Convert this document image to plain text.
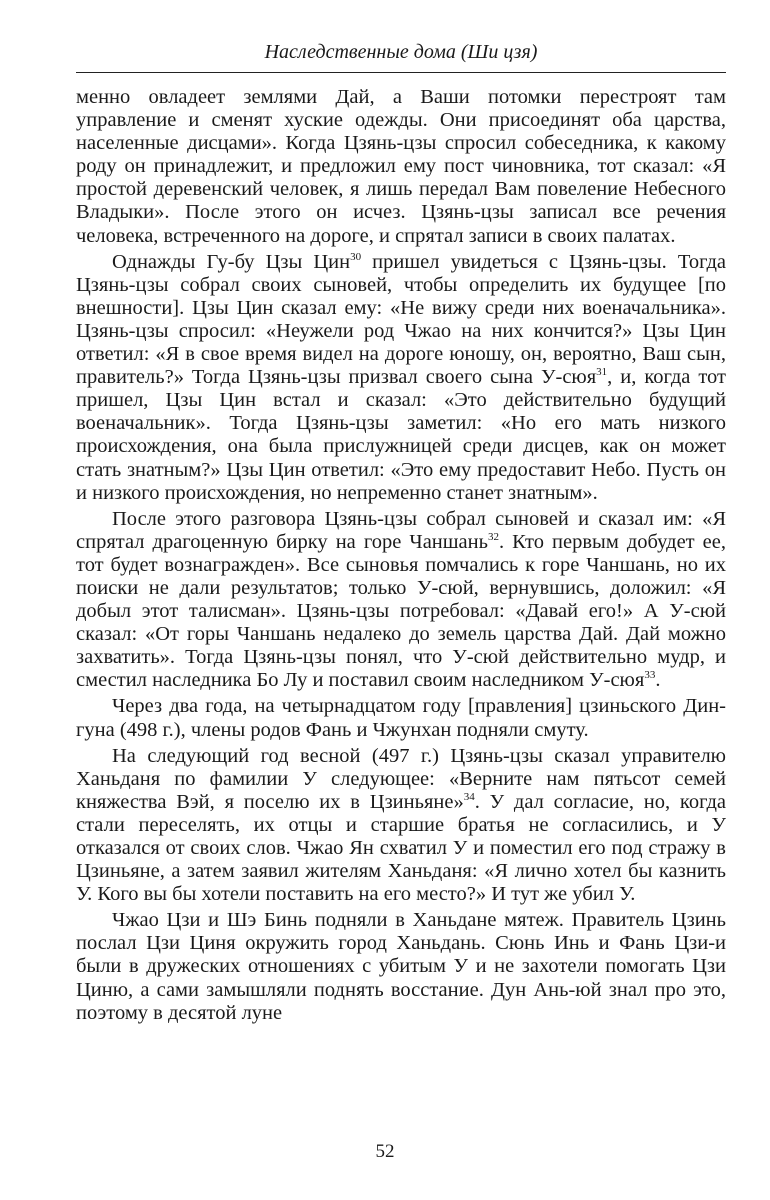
Наследственные дома (Ши цзя)

менно овладеет землями Дай, а Ваши потомки перестроят там управление и сменят хуские одежды. Они присоединят оба царства, населенные дисцами». Когда Цзянь-цзы спросил собеседника, к какому роду он принадлежит, и предложил ему пост чиновника, тот сказал: «Я простой деревенский человек, я лишь передал Вам повеление Небесного Владыки». После этого он исчез. Цзянь-цзы записал все речения человека, встреченного на дороге, и спрятал записи в своих палатах.

Однажды Гу-бу Цзы Цин$^{30}$ пришел увидеться с Цзянь-цзы. Тогда Цзянь-цзы собрал своих сыновей, чтобы определить их будущее [по внешности]. Цзы Цин сказал ему: «Не вижу среди них военачальника». Цзянь-цзы спросил: «Неужели род Чжао на них кончится?» Цзы Цин ответил: «Я в свое время видел на дороге юношу, он, вероятно, Ваш сын, правитель?» Тогда Цзянь-цзы призвал своего сына У-сюя$^{31}$, и, когда тот пришел, Цзы Цин встал и сказал: «Это действительно будущий военачальник». Тогда Цзянь-цзы заметил: «Но его мать низкого происхождения, она была прислужницей среди дисцев, как он может стать знатным?» Цзы Цин ответил: «Это ему предоставит Небо. Пусть он и низкого происхождения, но непременно станет знатным».

После этого разговора Цзянь-цзы собрал сыновей и сказал им: «Я спрятал драгоценную бирку на горе Чаншань$^{32}$. Кто первым добудет ее, тот будет вознагражден». Все сыновья помчались к горе Чаншань, но их поиски не дали результатов; только У-сюй, вернувшись, доложил: «Я добыл этот талисман». Цзянь-цзы потребовал: «Давай его!» А У-сюй сказал: «От горы Чаншань недалеко до земель царства Дай. Дай можно захватить». Тогда Цзянь-цзы понял, что У-сюй действительно мудр, и сместил наследника Бо Лу и поставил своим наследником У-сюя$^{33}$.

Через два года, на четырнадцатом году [правления] цзиньского Дин-гуна (498 г.), члены родов Фань и Чжунхан подняли смуту.

На следующий год весной (497 г.) Цзянь-цзы сказал управителю Ханьданя по фамилии У следующее: «Верните нам пятьсот семей княжества Вэй, я поселю их в Цзиньяне»$^{34}$. У дал согласие, но, когда стали переселять, их отцы и старшие братья не согласились, и У отказался от своих слов. Чжао Ян схватил У и поместил его под стражу в Цзиньяне, а затем заявил жителям Ханьданя: «Я лично хотел бы казнить У. Кого вы бы хотели поставить на его место?» И тут же убил У.

Чжао Цзи и Шэ Бинь подняли в Ханьдане мятеж. Правитель Цзинь послал Цзи Циня окружить город Ханьдань. Сюнь Инь и Фань Цзи-и были в дружеских отношениях с убитым У и не захотели помогать Цзи Циню, а сами замышляли поднять восстание. Дун Ань-юй знал про это, поэтому в десятой луне

52
